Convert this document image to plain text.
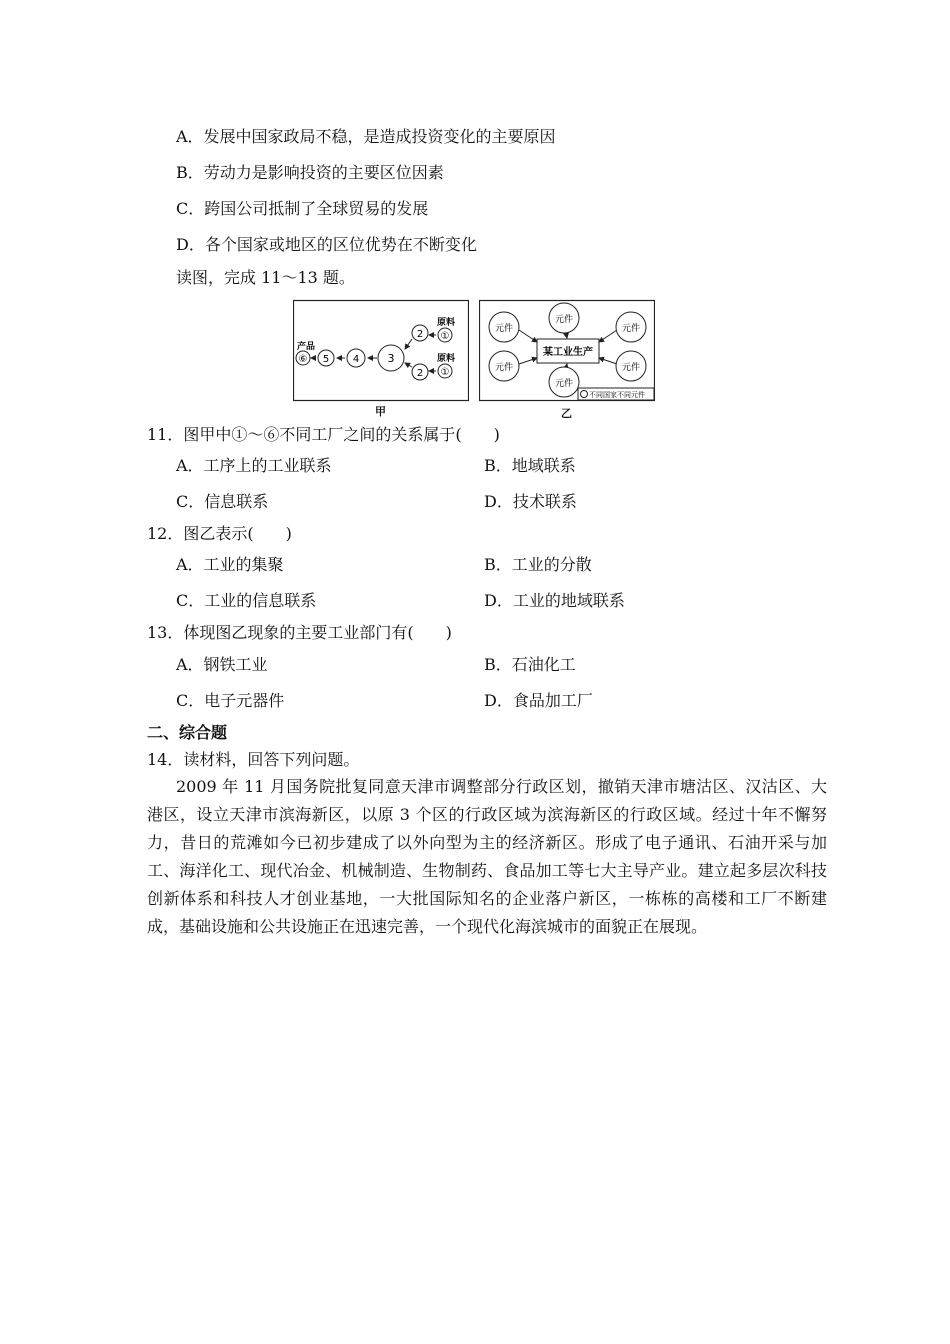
A．发展中国家政局不稳，是造成投资变化的主要原因
B．劳动力是影响投资的主要区位因素
C．跨国公司抵制了全球贸易的发展
D．各个国家或地区的区位优势在不断变化
读图，完成 11～13 题。
⑥ 5 4	3
2 ①
2 ①
产品
原料
原料
甲
某工业生产
元件
元件
元件
元件
元件
元件
不同国家不同元件
乙
11．图甲中①～⑥不同工厂之间的关系属于(　　)
A．工序上的工业联系	B．地域联系
C．信息联系	D．技术联系
12．图乙表示(　　)
A．工业的集聚	B．工业的分散
C．工业的信息联系	D．工业的地域联系
13．体现图乙现象的主要工业部门有(　　)
A．钢铁工业	B．石油化工
C．电子元器件	D．食品加工厂
二、综合题
14．读材料，回答下列问题。
2009 年 11 月国务院批复同意天津市调整部分行政区划，撤销天津市塘沽区、汉沽区、大港区，设立天津市滨海新区，以原 3 个区的行政区域为滨海新区的行政区域。经过十年不懈努力，昔日的荒滩如今已初步建成了以外向型为主的经济新区。形成了电子通讯、石油开采与加工、海洋化工、现代冶金、机械制造、生物制药、食品加工等七大主导产业。建立起多层次科技创新体系和科技人才创业基地，一大批国际知名的企业落户新区，一栋栋的高楼和工厂不断建成，基础设施和公共设施正在迅速完善，一个现代化海滨城市的面貌正在展现。
